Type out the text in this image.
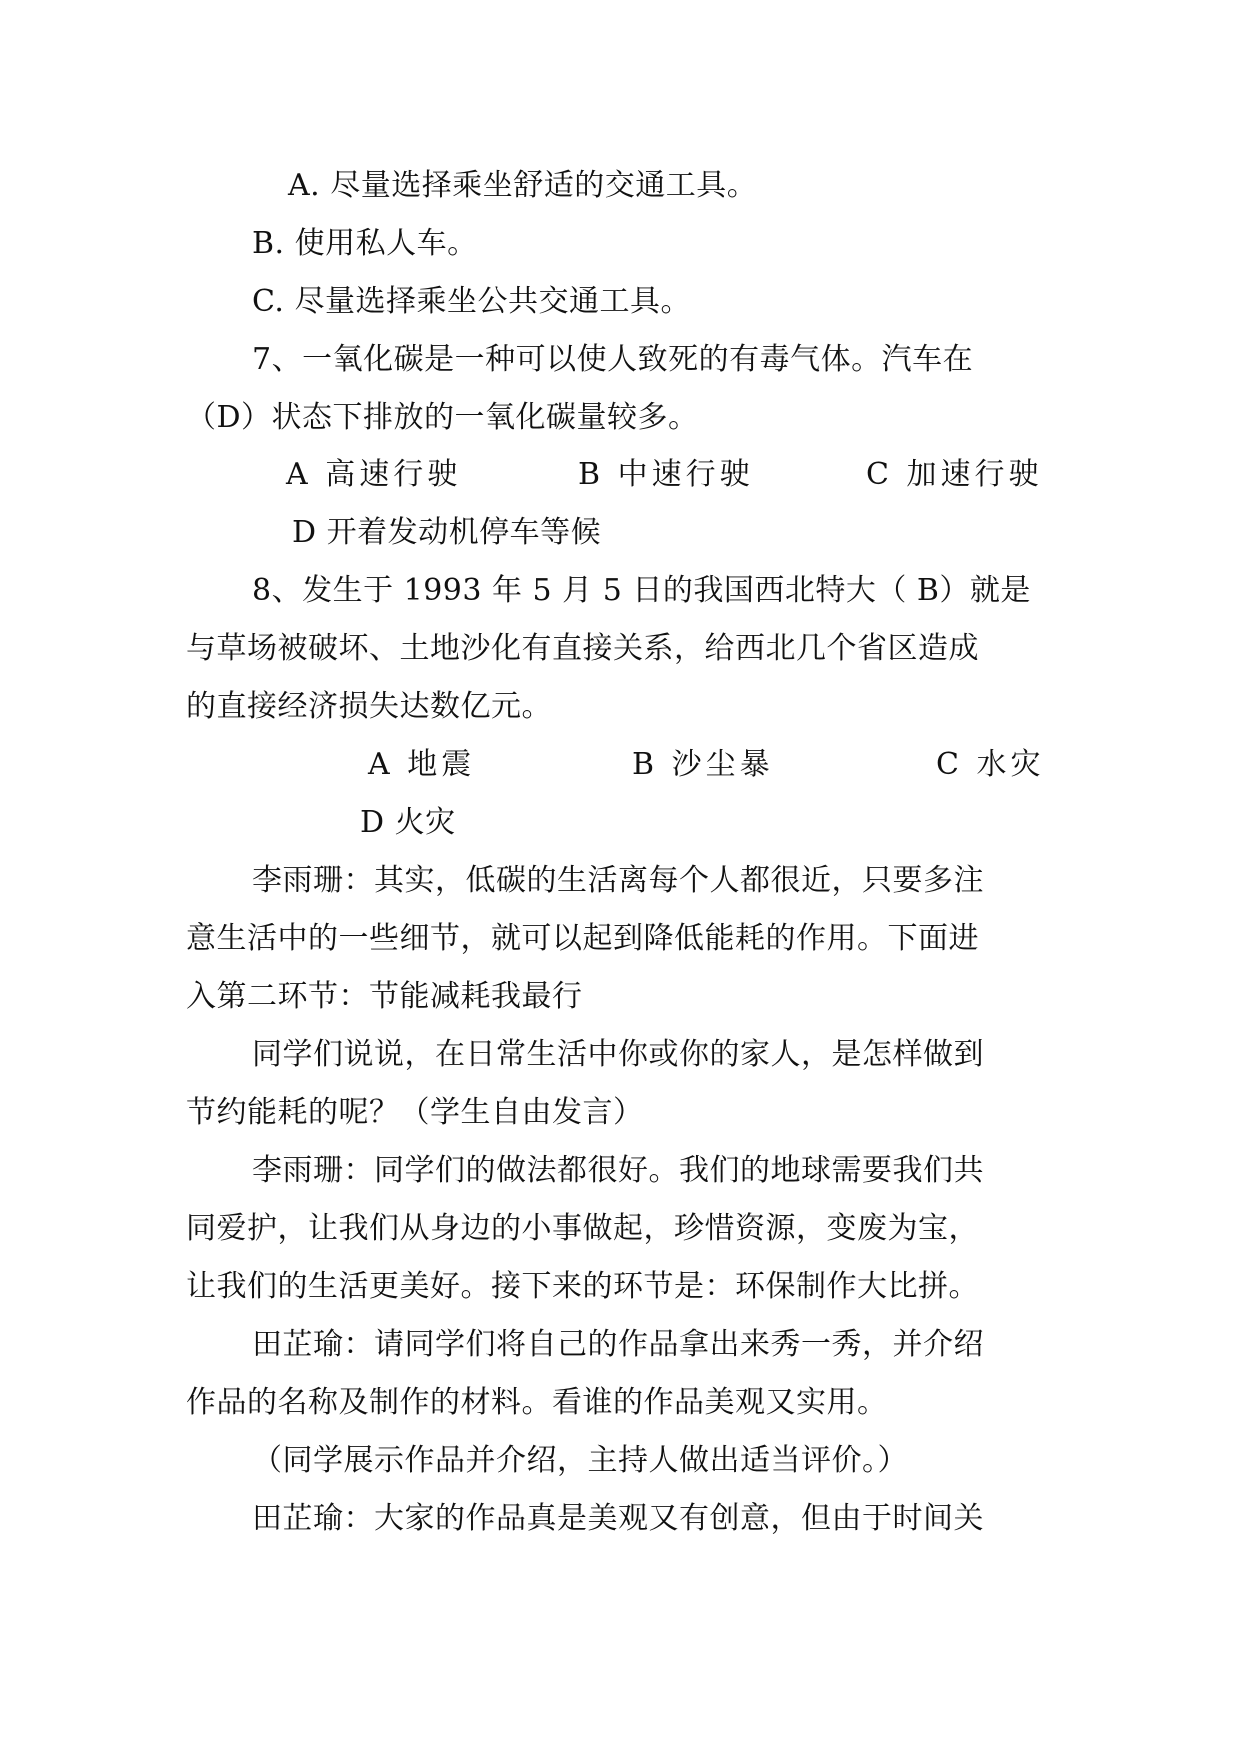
A. 尽量选择乘坐舒适的交通工具。
B. 使用私人车。
C. 尽量选择乘坐公共交通工具。
7、一氧化碳是一种可以使人致死的有毒气体。汽车在
（D）状态下排放的一氧化碳量较多。
A 高速行驶	B 中速行驶	C 加速行驶
D 开着发动机停车等候
8、发生于 1993 年 5 月 5 日的我国西北特大（ B）就是
与草场被破坏、土地沙化有直接关系，给西北几个省区造成
的直接经济损失达数亿元。
A 地震	B 沙尘暴	C 水灾
D 火灾
李雨珊：其实，低碳的生活离每个人都很近，只要多注
意生活中的一些细节，就可以起到降低能耗的作用。下面进
入第二环节：节能减耗我最行
同学们说说，在日常生活中你或你的家人，是怎样做到
节约能耗的呢？（学生自由发言）
李雨珊：同学们的做法都很好。我们的地球需要我们共
同爱护，让我们从身边的小事做起，珍惜资源，变废为宝，
让我们的生活更美好。接下来的环节是：环保制作大比拼。
田芷瑜：请同学们将自己的作品拿出来秀一秀，并介绍
作品的名称及制作的材料。看谁的作品美观又实用。
（同学展示作品并介绍，主持人做出适当评价。）
田芷瑜：大家的作品真是美观又有创意，但由于时间关
